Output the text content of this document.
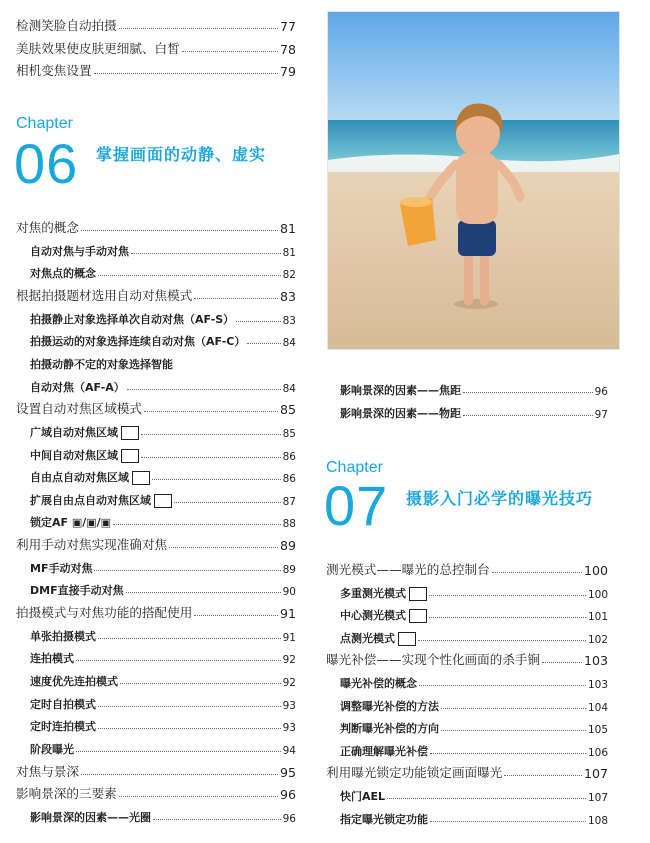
检测笑脸自动拍摄	77
美肤效果使皮肤更细腻、白皙	78
相机变焦设置	79
Chapter
06 掌握画面的动静、虚实
对焦的概念	81
自动对焦与手动对焦	81
对焦点的概念	82
根据拍摄题材选用自动对焦模式	83
拍摄静止对象选择单次自动对焦（AF-S）	83
拍摄运动的对象选择连续自动对焦（AF-C）	84
拍摄动静不定的对象选择智能
自动对焦（AF-A）	84
设置自动对焦区域模式	85
广域自动对焦区域	85
中间自动对焦区域	86
自由点自动对焦区域	86
扩展自由点自动对焦区域	87
锁定AF ▣/▣/▣	88
利用手动对焦实现准确对焦	89
MF手动对焦	89
DMF直接手动对焦	90
拍摄模式与对焦功能的搭配使用	91
单张拍摄模式	91
连拍模式	92
速度优先连拍模式	92
定时自拍模式	93
定时连拍模式	93
阶段曝光	94
对焦与景深	95
影响景深的三要素	96
影响景深的因素——光圈	96
影响景深的因素——焦距	96
影响景深的因素——物距	97
Chapter
07 摄影入门必学的曝光技巧
测光模式——曝光的总控制台	100
多重测光模式	100
中心测光模式	101
点测光模式	102
曝光补偿——实现个性化画面的杀手锏	103
曝光补偿的概念	103
调整曝光补偿的方法	104
判断曝光补偿的方向	105
正确理解曝光补偿	106
利用曝光锁定功能锁定画面曝光	107
快门AEL	107
指定曝光锁定功能	108
